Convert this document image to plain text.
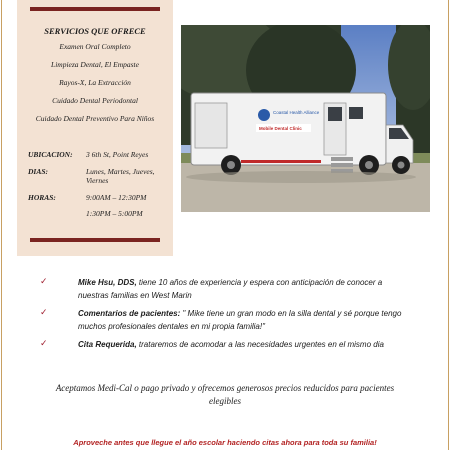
SERVICIOS QUE OFRECE
Examen Oral Completo
Limpieza Dental, El Empaste
Rayos-X, La Extracción
Cuidado Dental Periodontal
Cuidado Dental Preventivo Para Niños
UBICACION:	3 6th St, Point Reyes
DIAS:	Lunes, Martes, Jueves, Viernes
HORAS:	9:00AM – 12:30PM
1:30PM – 5:00PM
Coastal Health Alliance
Mobile Dental Clinic
✓	Mike Hsu, DDS, tiene 10 años de experiencia y espera con anticipación de conocer a nuestras familias en West Marin
✓	Comentarios de pacientes: " Mike tiene un gran modo en la silla dental y sé porque tengo muchos profesionales dentales en mi propia familia!"
✓	Cita Requerida, trataremos de acomodar a las necesidades urgentes en el mismo dia
Aceptamos Medi-Cal o pago privado y ofrecemos generosos precios reducidos para pacientes elegibles
Aproveche antes que llegue el año escolar haciendo citas ahora para toda su familia!
